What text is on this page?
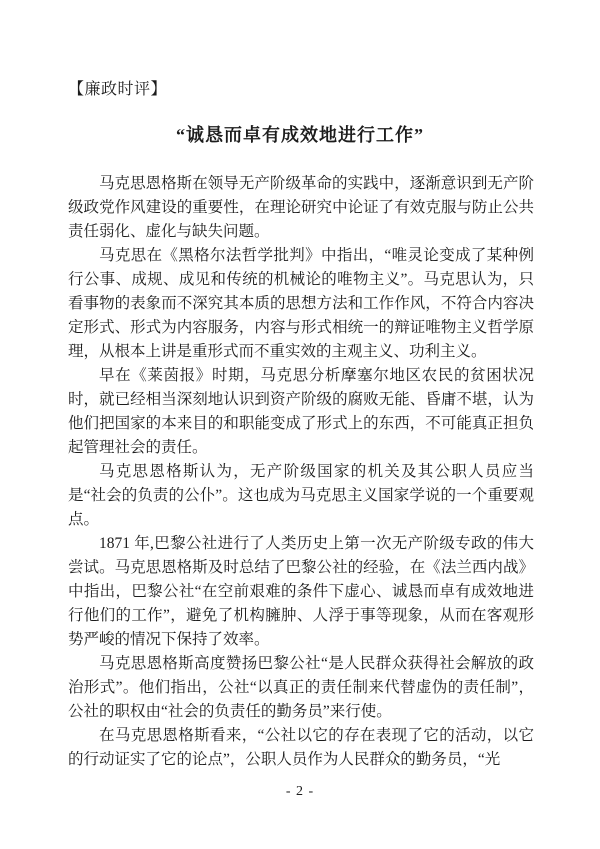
【廉政时评】
“诚恳而卓有成效地进行工作”

马克思恩格斯在领导无产阶级革命的实践中，逐渐意识到无产阶级政党作风建设的重要性，在理论研究中论证了有效克服与防止公共责任弱化、虚化与缺失问题。

马克思在《黑格尔法哲学批判》中指出，“唯灵论变成了某种例行公事、成规、成见和传统的机械论的唯物主义”。马克思认为，只看事物的表象而不深究其本质的思想方法和工作作风，不符合内容决定形式、形式为内容服务，内容与形式相统一的辩证唯物主义哲学原理，从根本上讲是重形式而不重实效的主观主义、功利主义。

早在《莱茵报》时期，马克思分析摩塞尔地区农民的贫困状况时，就已经相当深刻地认识到资产阶级的腐败无能、昏庸不堪，认为他们把国家的本来目的和职能变成了形式上的东西，不可能真正担负起管理社会的责任。

马克思恩格斯认为，无产阶级国家的机关及其公职人员应当是“社会的负责的公仆”。这也成为马克思主义国家学说的一个重要观点。

1871 年,巴黎公社进行了人类历史上第一次无产阶级专政的伟大尝试。马克思恩格斯及时总结了巴黎公社的经验，在《法兰西内战》中指出，巴黎公社“在空前艰难的条件下虚心、诚恳而卓有成效地进行他们的工作”，避免了机构臃肿、人浮于事等现象，从而在客观形势严峻的情况下保持了效率。

马克思恩格斯高度赞扬巴黎公社“是人民群众获得社会解放的政治形式”。他们指出，公社“以真正的责任制来代替虚伪的责任制”，公社的职权由“社会的负责任的勤务员”来行使。

在马克思恩格斯看来，“公社以它的存在表现了它的活动，以它的行动证实了它的论点”，公职人员作为人民群众的勤务员，“光

- 2 -
